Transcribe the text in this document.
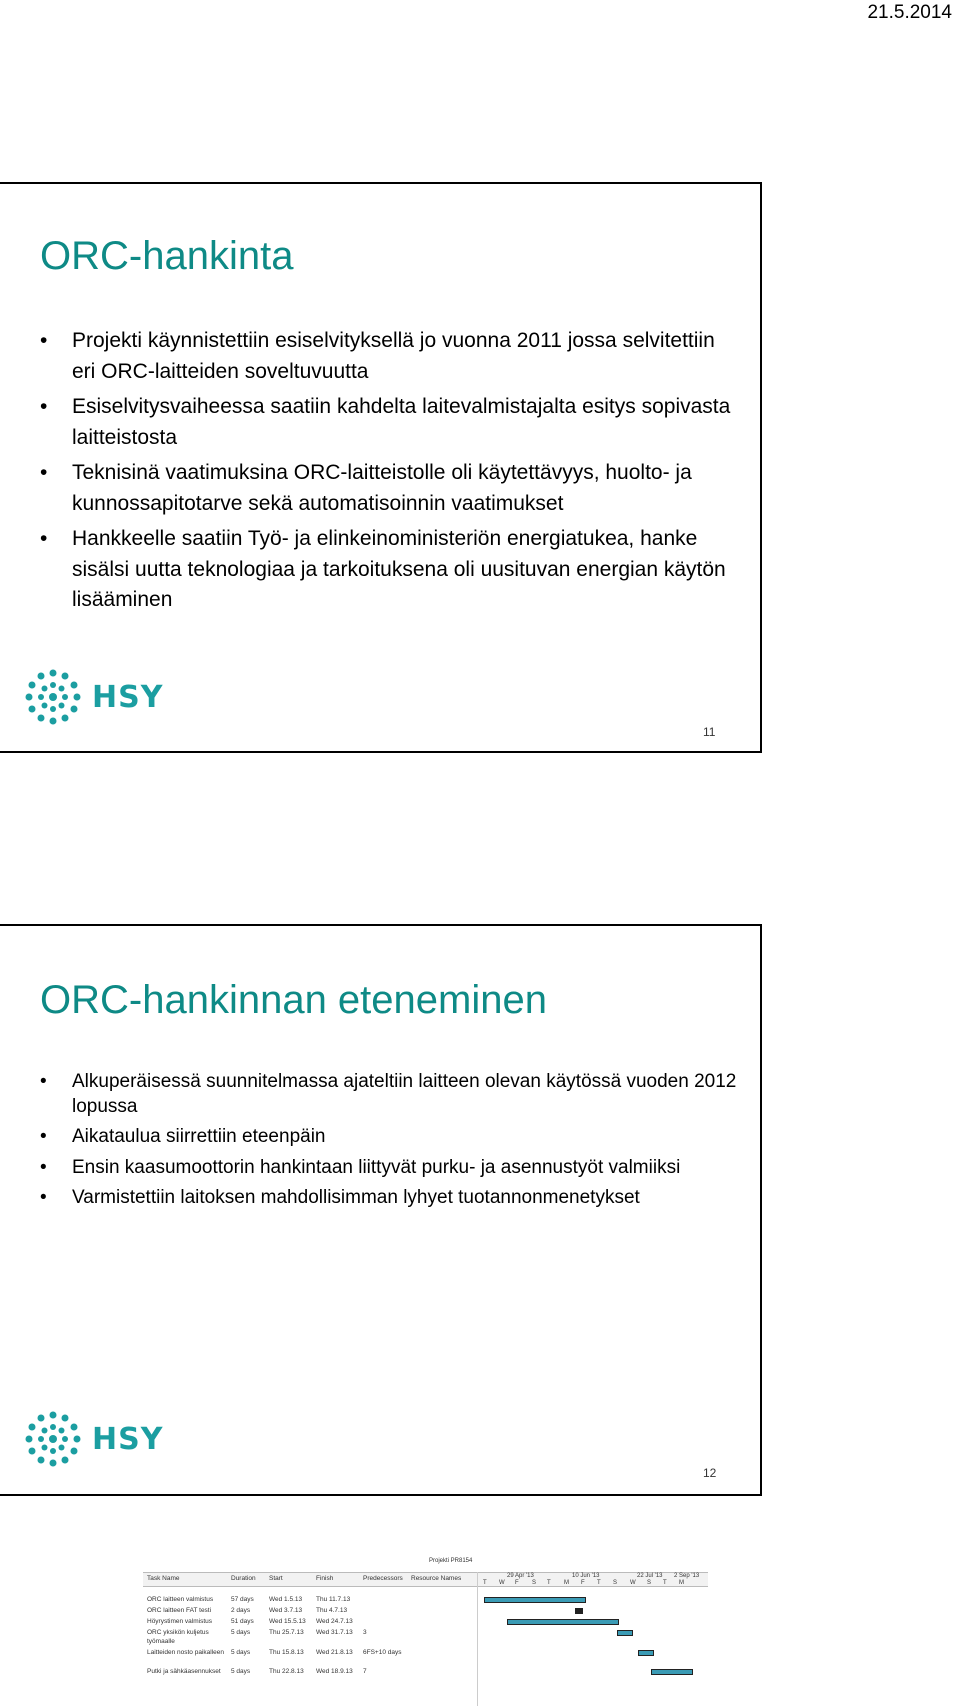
21.5.2014
ORC-hankinta
• Projekti käynnistettiin esiselvityksellä jo vuonna 2011 jossa selvitettiin eri ORC-laitteiden soveltuvuutta
• Esiselvitysvaiheessa saatiin kahdelta laitevalmistajalta esitys sopivasta laitteistosta
• Teknisinä vaatimuksina ORC-laitteistolle oli käytettävyys, huolto- ja kunnossapitotarve sekä automatisoinnin vaatimukset
• Hankkeelle saatiin Työ- ja elinkeinoministeriön energiatukea, hanke sisälsi uutta teknologiaa ja tarkoituksena oli uusituvan energian käytön lisääminen
HSY
11
ORC-hankinnan eteneminen
• Alkuperäisessä suunnitelmassa ajateltiin laitteen olevan käytössä vuoden 2012 lopussa
• Aikataulua siirrettiin eteenpäin
• Ensin kaasumoottorin hankintaan liittyvät purku- ja asennustyöt valmiiksi
• Varmistettiin laitoksen mahdollisimman lyhyet tuotannonmenetykset
Projekti PR8154
Task Name	Duration Start	Finish	Predecessors Resource Names	29 Apr '13	10 Jun '13	22 Jul '13 2 Sep '13
T W F S T M F T S W S T M
ORC laitteen valmistus	57 days Wed 1.5.13 Thu 11.7.13
ORC laitteen FAT testi	2 days	Wed 3.7.13 Thu 4.7.13
Höyrystimen valmistus	51 days Wed 15.5.13 Wed 24.7.13
ORC yksikön kuljetus	5 days	Thu 25.7.13 Wed 31.7.13 3
työmaalle
Laitteiden nosto paikalleen 5 days	Thu 15.8.13 Wed 21.8.13 6FS+10 days
Putki ja sähkäasennukset 5 days	Thu 22.8.13 Wed 18.9.13 7
HSY
12
